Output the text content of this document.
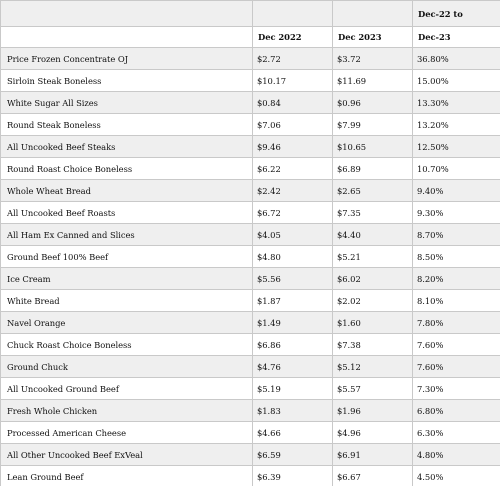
			Dec-22 to
	Dec 2022	Dec 2023	Dec-23
Price Frozen Concentrate OJ	$2.72	$3.72	36.80%
Sirloin Steak Boneless	$10.17	$11.69	15.00%
White Sugar All Sizes	$0.84	$0.96	13.30%
Round Steak Boneless	$7.06	$7.99	13.20%
All Uncooked Beef Steaks	$9.46	$10.65	12.50%
Round Roast Choice Boneless	$6.22	$6.89	10.70%
Whole Wheat Bread	$2.42	$2.65	9.40%
All Uncooked Beef Roasts	$6.72	$7.35	9.30%
All Ham Ex Canned and Slices	$4.05	$4.40	8.70%
Ground Beef 100% Beef	$4.80	$5.21	8.50%
Ice Cream	$5.56	$6.02	8.20%
White Bread	$1.87	$2.02	8.10%
Navel Orange	$1.49	$1.60	7.80%
Chuck Roast Choice Boneless	$6.86	$7.38	7.60%
Ground Chuck	$4.76	$5.12	7.60%
All Uncooked Ground Beef	$5.19	$5.57	7.30%
Fresh Whole Chicken	$1.83	$1.96	6.80%
Processed American Cheese	$4.66	$4.96	6.30%
All Other Uncooked Beef ExVeal	$6.59	$6.91	4.80%
Lean Ground Beef	$6.39	$6.67	4.50%
